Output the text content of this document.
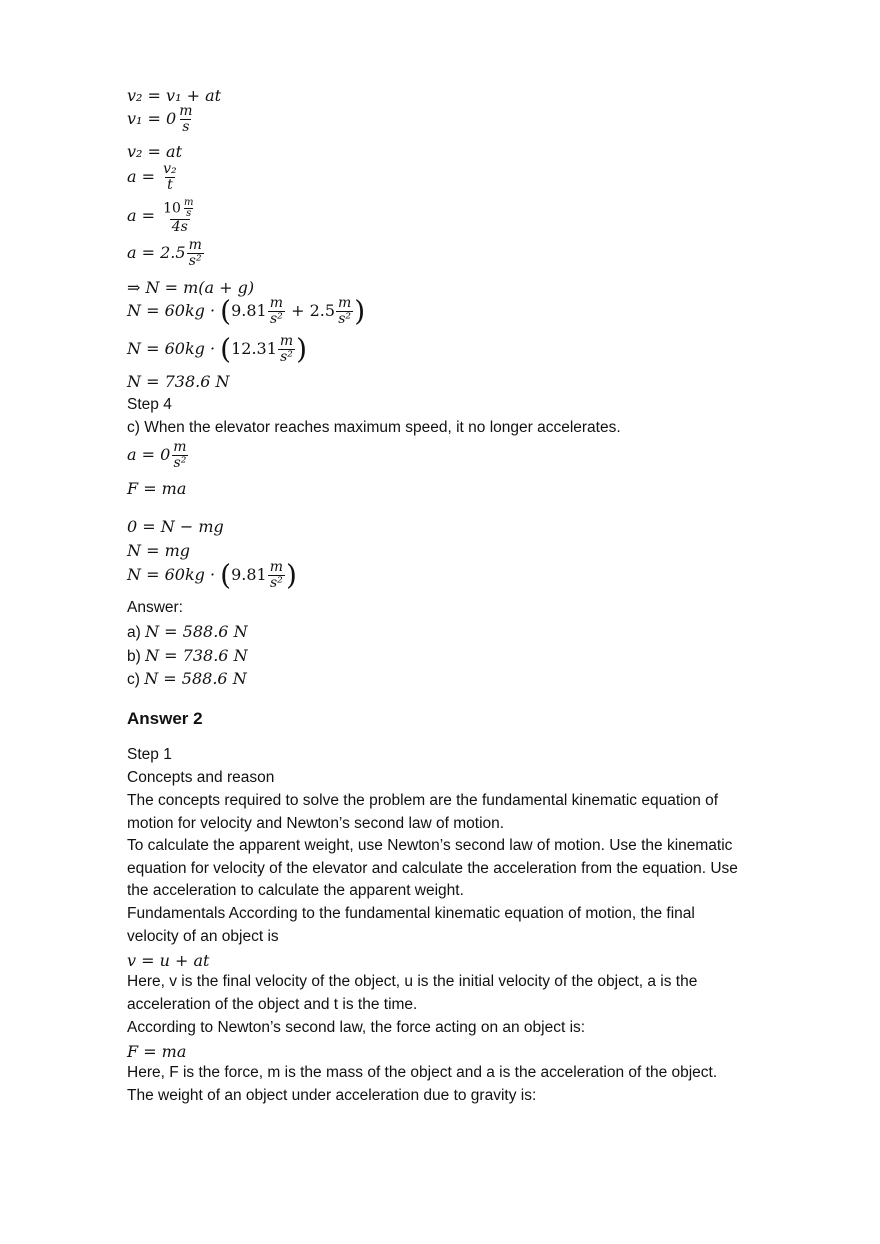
v₂ = v₁ + at
$v_1 = 0 \frac{m}{s}$
v₂ = at
$a = \frac{\text{v₂}}{t}$
$a = \frac{10 \frac{m}{s}}{4s}$
$a = 2.5 \frac{m}{\text{s²}}$
⇒ N = m(a + g)
$N = 60kg \cdot (9.81 \frac{m}{\text{s²}} + 2.5 \frac{m}{\text{s²}}$ )
$N = 60kg \cdot (12.31 \frac{m}{\text{s²}}$ )
N = 738.6 N
Step 4
c) When the elevator reaches maximum speed, it no longer accelerates.
$a = 0 \frac{m}{\text{s²}}$
F = ma
0 = N − mg
N = mg
$N = 60kg \cdot (9.81 \frac{m}{\text{s²}}$ )
Answer:
a) N = 588.6 N
b) N = 738.6 N
c) N = 588.6 N
Answer 2
Step 1
Concepts and reason
The concepts required to solve the problem are the fundamental kinematic equation of
motion for velocity and Newton’s second law of motion.
To calculate the apparent weight, use Newton’s second law of motion. Use the kinematic
equation for velocity of the elevator and calculate the acceleration from the equation. Use
the acceleration to calculate the apparent weight.
Fundamentals According to the fundamental kinematic equation of motion, the final
velocity of an object is
v = u + at
Here, v is the final velocity of the object, u is the initial velocity of the object, a is the
acceleration of the object and t is the time.
According to Newton’s second law, the force acting on an object is:
F = ma
Here, F is the force, m is the mass of the object and a is the acceleration of the object.
The weight of an object under acceleration due to gravity is:
